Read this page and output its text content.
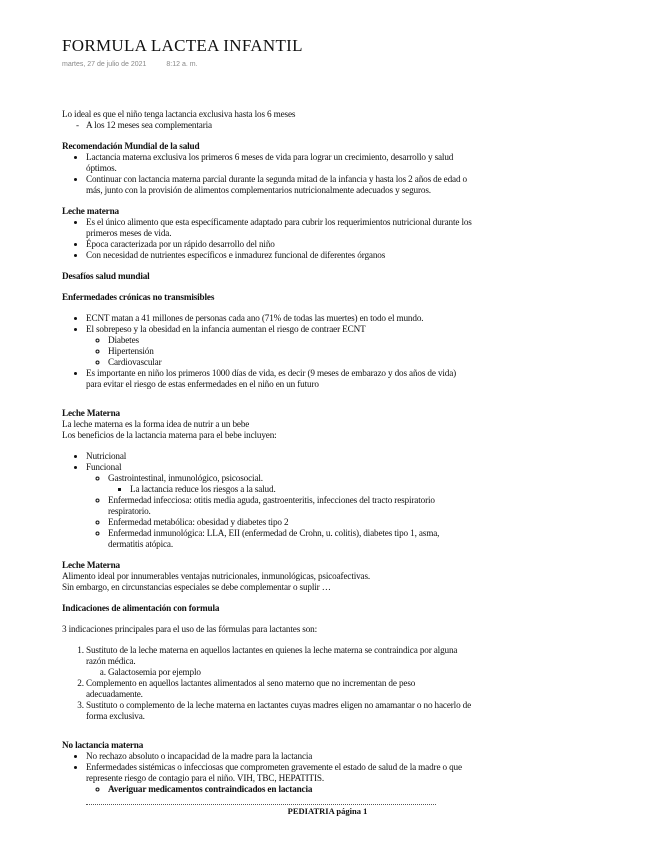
FORMULA LACTEA INFANTIL
martes, 27 de julio de 2021	8:12 a. m.

Lo ideal es que el niño tenga lactancia exclusiva hasta los 6 meses

- A los 12 meses sea complementaria

Recomendación Mundial de la salud

• Lactancia materna exclusiva los primeros 6 meses de vida para lograr un crecimiento, desarrollo y salud óptimos.
• Continuar con lactancia materna parcial durante la segunda mitad de la infancia y hasta los 2 años de edad o más, junto con la provisión de alimentos complementarios nutricionalmente adecuados y seguros.

Leche materna

• Es el único alimento que esta específicamente adaptado para cubrir los requerimientos nutricional durante los primeros meses de vida.
• Época caracterizada por un rápido desarrollo del niño
• Con necesidad de nutrientes específicos e inmadurez funcional de diferentes órganos

Desafíos salud mundial

Enfermedades crónicas no transmisibles

• ECNT matan a 41 millones de personas cada ano (71% de todas las muertes) en todo el mundo.
• El sobrepeso y la obesidad en la infancia aumentan el riesgo de contraer ECNT
◦ Diabetes
◦ Hipertensión
◦ Cardiovascular
• Es importante en niño los primeros 1000 días de vida, es decir (9 meses de embarazo y dos años de vida) para evitar el riesgo de estas enfermedades en el niño en un futuro

Leche Materna

La leche materna es la forma idea de nutrir a un bebe

Los beneficios de la lactancia materna para el bebe incluyen:

• Nutricional
• Funcional
◦ Gastrointestinal, inmunológico, psicosocial.
▪ La lactancia reduce los riesgos a la salud.
◦ Enfermedad infecciosa: otitis media aguda, gastroenteritis, infecciones del tracto respiratorio respiratorio.
◦ Enfermedad metabólica: obesidad y diabetes tipo 2
◦ Enfermedad inmunológica: LLA, EII (enfermedad de Crohn, u. colitis), diabetes tipo 1, asma, dermatitis atópica.

Leche Materna

Alimento ideal por innumerables ventajas nutricionales, inmunológicas, psicoafectivas.

Sin embargo, en circunstancias especiales se debe complementar o suplir …

Indicaciones de alimentación con formula

3 indicaciones principales para el uso de las fórmulas para lactantes son:

1. Sustituto de la leche materna en aquellos lactantes en quienes la leche materna se contraindica por alguna razón médica.
a. Galactosemia por ejemplo
2. Complemento en aquellos lactantes alimentados al seno materno que no incrementan de peso adecuadamente.
3. Sustituto o complemento de la leche materna en lactantes cuyas madres eligen no amamantar o no hacerlo de forma exclusiva.

No lactancia materna

• No rechazo absoluto o incapacidad de la madre para la lactancia
• Enfermedades sistémicas o infecciosas que comprometen gravemente el estado de salud de la madre o que represente riesgo de contagio para el niño. VIH, TBC, HEPATITIS.
◦ Averiguar medicamentos contraindicados en lactancia
PEDIATRIA página 1
